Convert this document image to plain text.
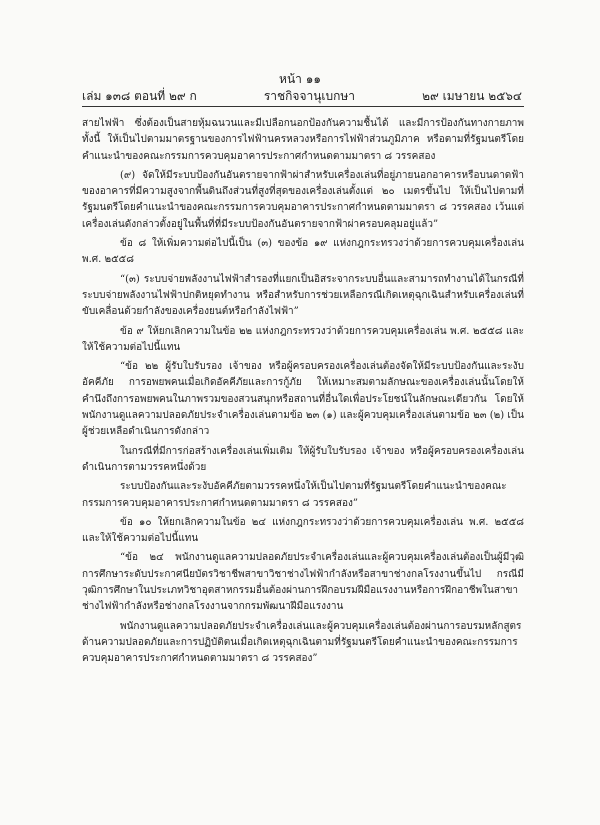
หน้า ๑๑
เล่ม ๑๓๘ ตอนที่ ๒๙ ก	ราชกิจจานุเบกษา	๒๙ เมษายน ๒๕๖๔

สายไฟฟ้า ซึ่งต้องเป็นสายหุ้มฉนวนและมีเปลือกนอกป้องกันความชื้นได้ และมีการป้องกันทางกายภาพทั้งนี้ ให้เป็นไปตามมาตรฐานของการไฟฟ้านครหลวงหรือการไฟฟ้าส่วนภูมิภาค หรือตามที่รัฐมนตรีโดยคำแนะนำของคณะกรรมการควบคุมอาคารประกาศกำหนดตามมาตรา ๘ วรรคสอง

(๙) จัดให้มีระบบป้องกันอันตรายจากฟ้าผ่าสำหรับเครื่องเล่นที่อยู่ภายนอกอาคารหรือบนดาดฟ้าของอาคารที่มีความสูงจากพื้นดินถึงส่วนที่สูงที่สุดของเครื่องเล่นตั้งแต่ ๒๐ เมตรขึ้นไป ให้เป็นไปตามที่รัฐมนตรีโดยคำแนะนำของคณะกรรมการควบคุมอาคารประกาศกำหนดตามมาตรา ๘ วรรคสอง เว้นแต่เครื่องเล่นดังกล่าวตั้งอยู่ในพื้นที่ที่มีระบบป้องกันอันตรายจากฟ้าผ่าครอบคลุมอยู่แล้ว”

ข้อ ๘ ให้เพิ่มความต่อไปนี้เป็น (๓) ของข้อ ๑๙ แห่งกฎกระทรวงว่าด้วยการควบคุมเครื่องเล่น พ.ศ. ๒๕๕๘

“(๓) ระบบจ่ายพลังงานไฟฟ้าสำรองที่แยกเป็นอิสระจากระบบอื่นและสามารถทำงานได้ในกรณีที่ระบบจ่ายพลังงานไฟฟ้าปกติหยุดทำงาน หรือสำหรับการช่วยเหลือกรณีเกิดเหตุฉุกเฉินสำหรับเครื่องเล่นที่ขับเคลื่อนด้วยกำลังของเครื่องยนต์หรือกำลังไฟฟ้า”

ข้อ ๙ ให้ยกเลิกความในข้อ ๒๒ แห่งกฎกระทรวงว่าด้วยการควบคุมเครื่องเล่น พ.ศ. ๒๕๕๘ และให้ใช้ความต่อไปนี้แทน

“ข้อ ๒๒ ผู้รับใบรับรอง เจ้าของ หรือผู้ครอบครองเครื่องเล่นต้องจัดให้มีระบบป้องกันและระงับอัคคีภัย การอพยพคนเมื่อเกิดอัคคีภัยและการกู้ภัย ให้เหมาะสมตามลักษณะของเครื่องเล่นนั้นโดยให้คำนึงถึงการอพยพคนในภาพรวมของสวนสนุกหรือสถานที่อื่นใดเพื่อประโยชน์ในลักษณะเดียวกัน โดยให้พนักงานดูแลความปลอดภัยประจำเครื่องเล่นตามข้อ ๒๓ (๑) และผู้ควบคุมเครื่องเล่นตามข้อ ๒๓ (๒) เป็นผู้ช่วยเหลือดำเนินการดังกล่าว

ในกรณีที่มีการก่อสร้างเครื่องเล่นเพิ่มเติม ให้ผู้รับใบรับรอง เจ้าของ หรือผู้ครอบครองเครื่องเล่นดำเนินการตามวรรคหนึ่งด้วย

ระบบป้องกันและระงับอัคคีภัยตามวรรคหนึ่งให้เป็นไปตามที่รัฐมนตรีโดยคำแนะนำของคณะกรรมการควบคุมอาคารประกาศกำหนดตามมาตรา ๘ วรรคสอง”

ข้อ ๑๐ ให้ยกเลิกความในข้อ ๒๔ แห่งกฎกระทรวงว่าด้วยการควบคุมเครื่องเล่น พ.ศ. ๒๕๕๘ และให้ใช้ความต่อไปนี้แทน

“ข้อ ๒๔ พนักงานดูแลความปลอดภัยประจำเครื่องเล่นและผู้ควบคุมเครื่องเล่นต้องเป็นผู้มีวุฒิการศึกษาระดับประกาศนียบัตรวิชาชีพสาขาวิชาช่างไฟฟ้ากำลังหรือสาขาช่างกลโรงงานขึ้นไป กรณีมีวุฒิการศึกษาในประเภทวิชาอุตสาหกรรมอื่นต้องผ่านการฝึกอบรมฝีมือแรงงานหรือการฝึกอาชีพในสาขาช่างไฟฟ้ากำลังหรือช่างกลโรงงานจากกรมพัฒนาฝีมือแรงงาน

พนักงานดูแลความปลอดภัยประจำเครื่องเล่นและผู้ควบคุมเครื่องเล่นต้องผ่านการอบรมหลักสูตรด้านความปลอดภัยและการปฏิบัติตนเมื่อเกิดเหตุฉุกเฉินตามที่รัฐมนตรีโดยคำแนะนำของคณะกรรมการควบคุมอาคารประกาศกำหนดตามมาตรา ๘ วรรคสอง”
